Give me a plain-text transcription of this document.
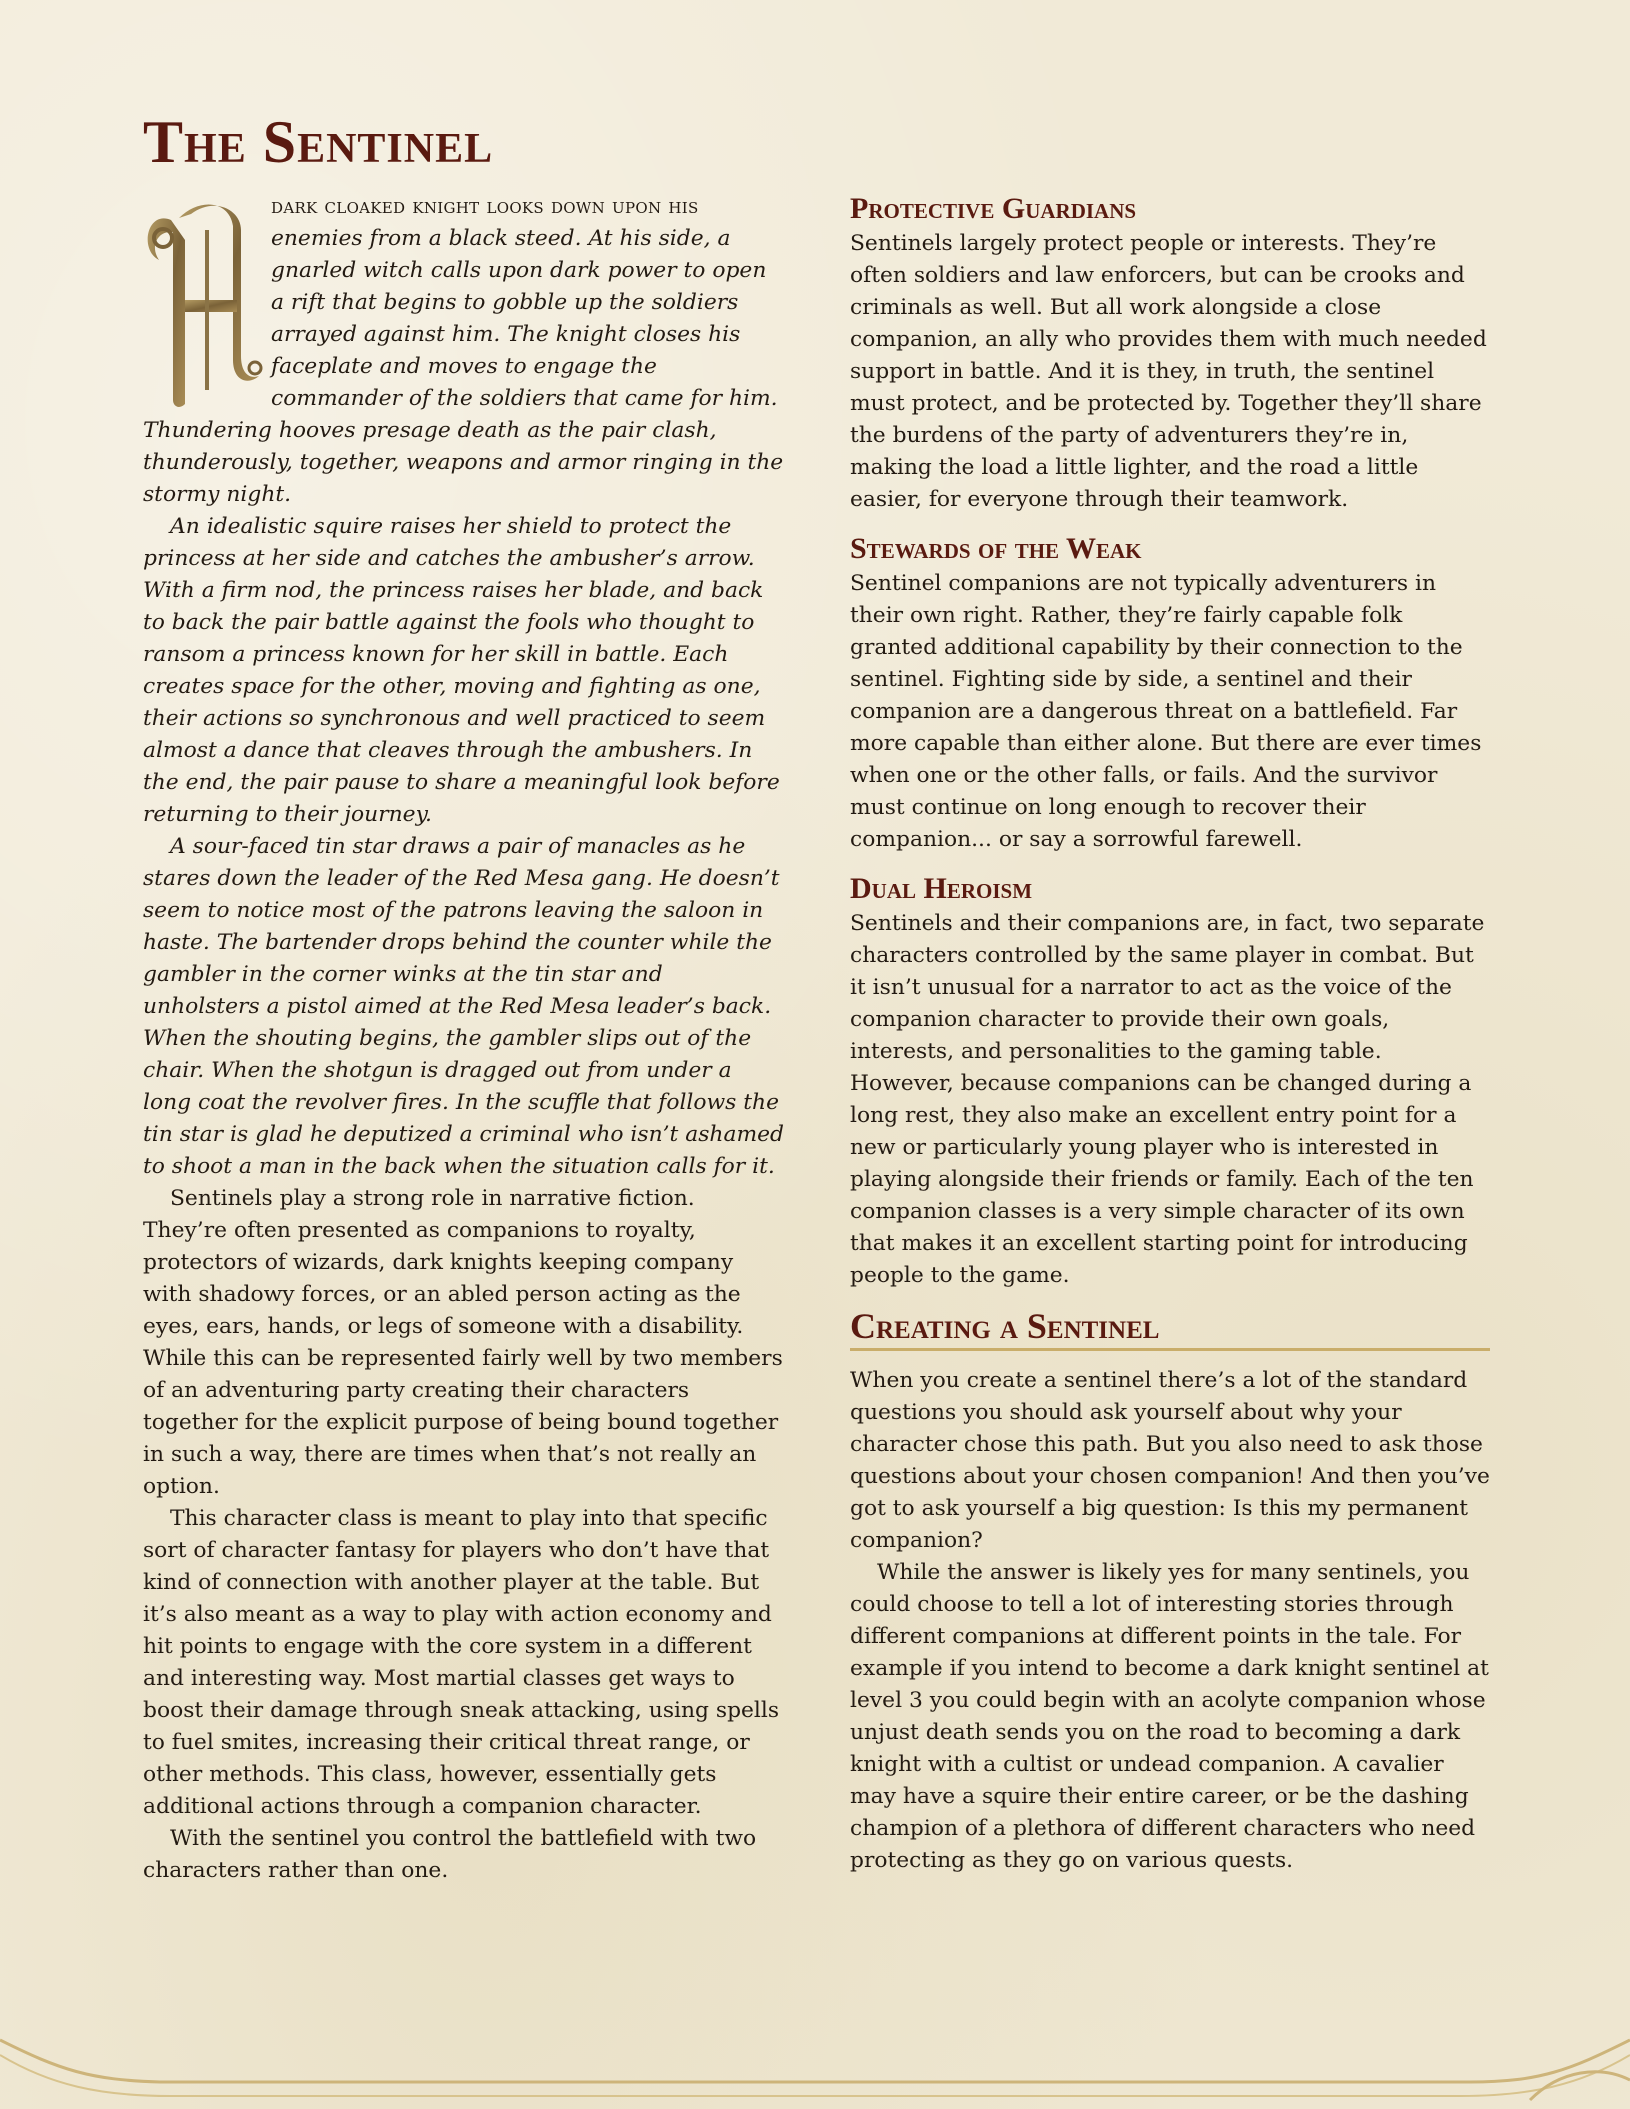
The Sentinel

dark cloaked knight looks down upon his
enemies from a black steed. At his side, a gnarled witch calls upon dark power to open a rift that begins to gobble up the soldiers arrayed against him. The knight closes his faceplate and moves to engage the commander of the soldiers that came for him. Thundering hooves presage death as the pair clash, thunderously, together, weapons and armor ringing in the stormy night.

An idealistic squire raises her shield to protect the princess at her side and catches the ambusher’s arrow. With a firm nod, the princess raises her blade, and back to back the pair battle against the fools who thought to ransom a princess known for her skill in battle. Each creates space for the other, moving and fighting as one, their actions so synchronous and well practiced to seem almost a dance that cleaves through the ambushers. In the end, the pair pause to share a meaningful look before returning to their journey.

A sour-faced tin star draws a pair of manacles as he stares down the leader of the Red Mesa gang. He doesn’t seem to notice most of the patrons leaving the saloon in haste. The bartender drops behind the counter while the gambler in the corner winks at the tin star and unholsters a pistol aimed at the Red Mesa leader’s back. When the shouting begins, the gambler slips out of the chair. When the shotgun is dragged out from under a long coat the revolver fires. In the scuffle that follows the tin star is glad he deputized a criminal who isn’t ashamed to shoot a man in the back when the situation calls for it.

Sentinels play a strong role in narrative fiction. They’re often presented as companions to royalty, protectors of wizards, dark knights keeping company with shadowy forces, or an abled person acting as the eyes, ears, hands, or legs of someone with a disability. While this can be represented fairly well by two members of an adventuring party creating their characters together for the explicit purpose of being bound together in such a way, there are times when that’s not really an option.

This character class is meant to play into that specific sort of character fantasy for players who don’t have that kind of connection with another player at the table. But it’s also meant as a way to play with action economy and hit points to engage with the core system in a different and interesting way. Most martial classes get ways to boost their damage through sneak attacking, using spells to fuel smites, increasing their critical threat range, or other methods. This class, however, essentially gets additional actions through a companion character.

With the sentinel you control the battlefield with two characters rather than one.

Protective Guardians

Sentinels largely protect people or interests. They’re often soldiers and law enforcers, but can be crooks and criminals as well. But all work alongside a close companion, an ally who provides them with much needed support in battle. And it is they, in truth, the sentinel must protect, and be protected by. Together they’ll share the burdens of the party of adventurers they’re in, making the load a little lighter, and the road a little easier, for everyone through their teamwork.

Stewards of the Weak

Sentinel companions are not typically adventurers in their own right. Rather, they’re fairly capable folk granted additional capability by their connection to the sentinel. Fighting side by side, a sentinel and their companion are a dangerous threat on a battlefield. Far more capable than either alone. But there are ever times when one or the other falls, or fails. And the survivor must continue on long enough to recover their companion... or say a sorrowful farewell.

Dual Heroism

Sentinels and their companions are, in fact, two separate characters controlled by the same player in combat. But it isn’t unusual for a narrator to act as the voice of the companion character to provide their own goals, interests, and personalities to the gaming table. However, because companions can be changed during a long rest, they also make an excellent entry point for a new or particularly young player who is interested in playing alongside their friends or family. Each of the ten companion classes is a very simple character of its own that makes it an excellent starting point for introducing people to the game.

Creating a Sentinel

When you create a sentinel there’s a lot of the standard questions you should ask yourself about why your character chose this path. But you also need to ask those questions about your chosen companion! And then you’ve got to ask yourself a big question: Is this my permanent companion?

While the answer is likely yes for many sentinels, you could choose to tell a lot of interesting stories through different companions at different points in the tale. For example if you intend to become a dark knight sentinel at level 3 you could begin with an acolyte companion whose unjust death sends you on the road to becoming a dark knight with a cultist or undead companion. A cavalier may have a squire their entire career, or be the dashing champion of a plethora of different characters who need protecting as they go on various quests.
